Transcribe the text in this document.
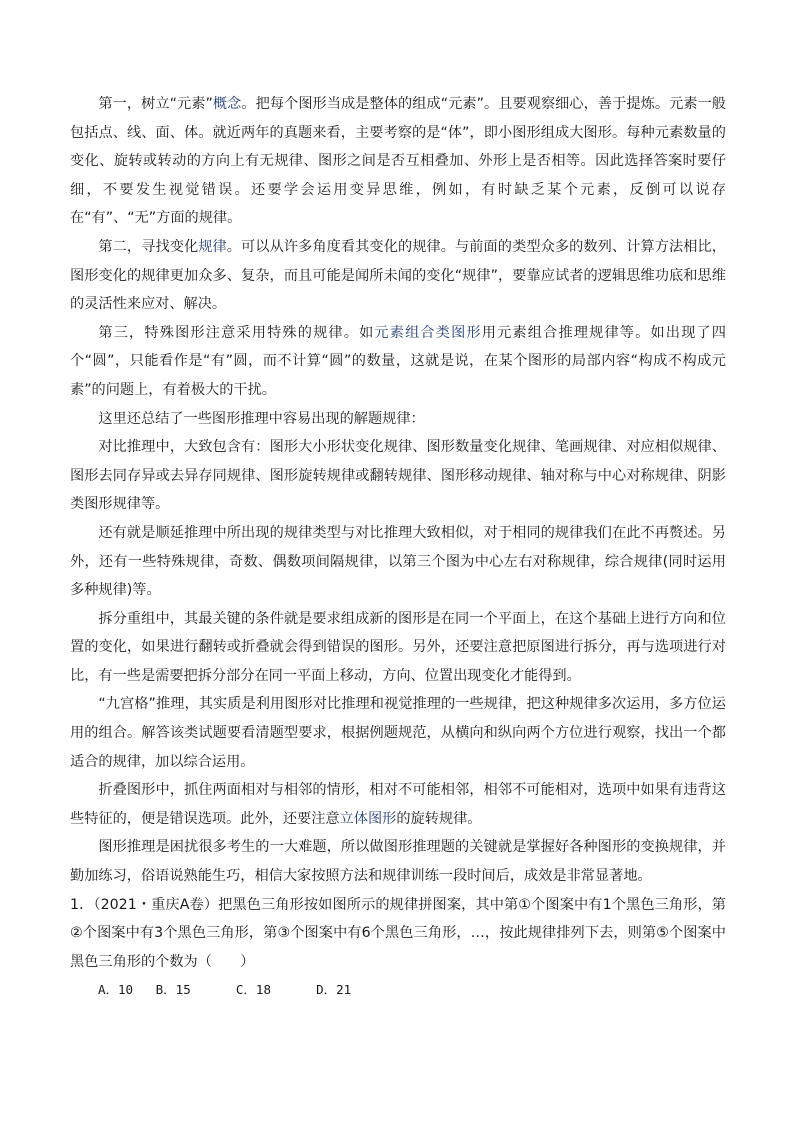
第一，树立“元素”概念。把每个图形当成是整体的组成“元素”。且要观察细心，善于提炼。元素一般包括点、线、面、体。就近两年的真题来看，主要考察的是“体”，即小图形组成大图形。每种元素数量的变化、旋转或转动的方向上有无规律、图形之间是否互相叠加、外形上是否相等。因此选择答案时要仔细，不要发生视觉错误。还要学会运用变异思维，例如，有时缺乏某个元素，反倒可以说存在“有”、“无”方面的规律。

第二，寻找变化规律。可以从许多角度看其变化的规律。与前面的类型众多的数列、计算方法相比，图形变化的规律更加众多、复杂，而且可能是闻所未闻的变化“规律”，要靠应试者的逻辑思维功底和思维的灵活性来应对、解决。

第三，特殊图形注意采用特殊的规律。如元素组合类图形用元素组合推理规律等。如出现了四个“圆”，只能看作是“有”圆，而不计算“圆”的数量，这就是说，在某个图形的局部内容“构成不构成元素”的问题上，有着极大的干扰。

这里还总结了一些图形推理中容易出现的解题规律：

对比推理中，大致包含有：图形大小形状变化规律、图形数量变化规律、笔画规律、对应相似规律、图形去同存异或去异存同规律、图形旋转规律或翻转规律、图形移动规律、轴对称与中心对称规律、阴影类图形规律等。

还有就是顺延推理中所出现的规律类型与对比推理大致相似，对于相同的规律我们在此不再赘述。另外，还有一些特殊规律，奇数、偶数项间隔规律，以第三个图为中心左右对称规律，综合规律(同时运用多种规律)等。

拆分重组中，其最关键的条件就是要求组成新的图形是在同一个平面上，在这个基础上进行方向和位置的变化，如果进行翻转或折叠就会得到错误的图形。另外，还要注意把原图进行拆分，再与选项进行对比，有一些是需要把拆分部分在同一平面上移动，方向、位置出现变化才能得到。

“九宫格”推理，其实质是利用图形对比推理和视觉推理的一些规律，把这种规律多次运用，多方位运用的组合。解答该类试题要看清题型要求，根据例题规范，从横向和纵向两个方位进行观察，找出一个都适合的规律，加以综合运用。

折叠图形中，抓住两面相对与相邻的情形，相对不可能相邻，相邻不可能相对，选项中如果有违背这些特征的，便是错误选项。此外，还要注意立体图形的旋转规律。

图形推理是困扰很多考生的一大难题，所以做图形推理题的关键就是掌握好各种图形的变换规律，并勤加练习，俗语说熟能生巧，相信大家按照方法和规律训练一段时间后，成效是非常显著地。

1．（2021・重庆A卷）把黑色三角形按如图所示的规律拼图案，其中第①个图案中有1个黑色三角形，第②个图案中有3个黑色三角形，第③个图案中有6个黑色三角形，…，按此规律排列下去，则第⑤个图案中黑色三角形的个数为（　　）

A．10 B．15	C．18	D．21
